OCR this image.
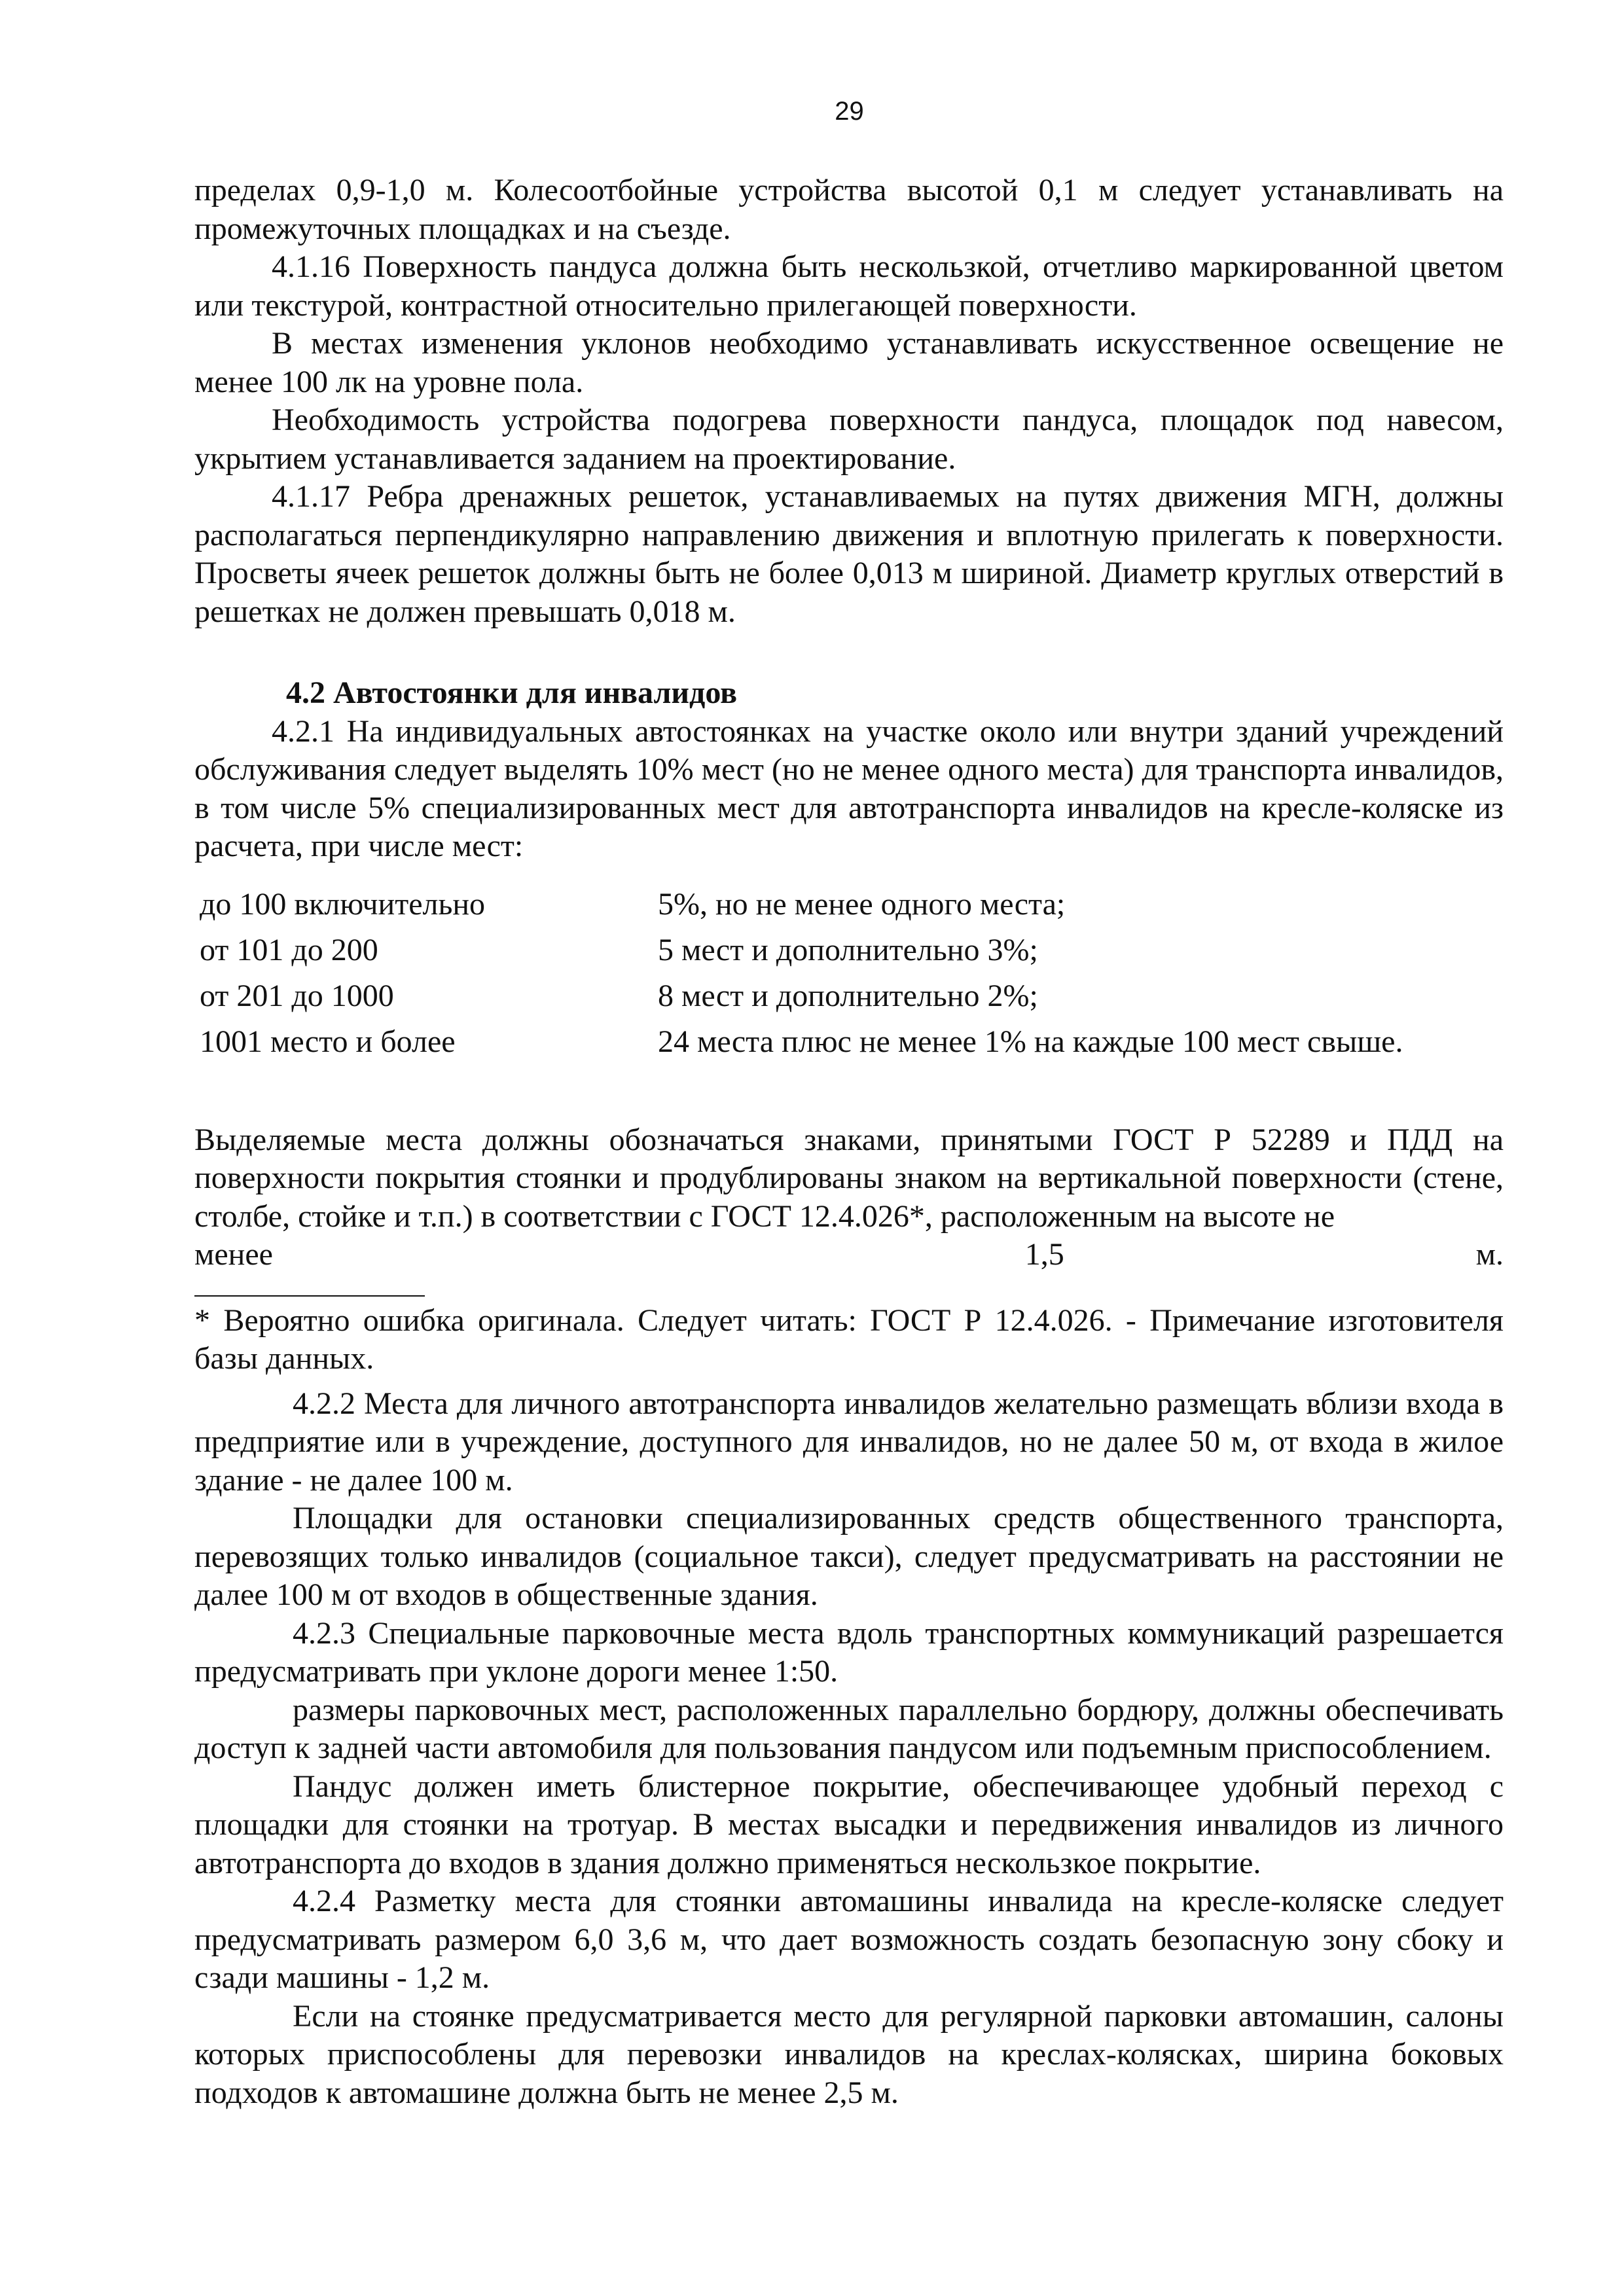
29

пределах 0,9-1,0 м. Колесоотбойные устройства высотой 0,1 м следует устанавливать на промежуточных площадках и на съезде.

4.1.16 Поверхность пандуса должна быть нескользкой, отчетливо маркированной цветом или текстурой, контрастной относительно прилегающей поверхности.

В местах изменения уклонов необходимо устанавливать искусственное освещение не менее 100 лк на уровне пола.

Необходимость устройства подогрева поверхности пандуса, площадок под навесом, укрытием устанавливается заданием на проектирование.

4.1.17 Ребра дренажных решеток, устанавливаемых на путях движения МГН, должны располагаться перпендикулярно направлению движения и вплотную прилегать к поверхности. Просветы ячеек решеток должны быть не более 0,013 м шириной. Диаметр круглых отверстий в решетках не должен превышать 0,018 м.

4.2 Автостоянки для инвалидов

4.2.1 На индивидуальных автостоянках на участке около или внутри зданий учреждений обслуживания следует выделять 10% мест (но не менее одного места) для транспорта инвалидов, в том числе 5% специализированных мест для автотранспорта инвалидов на кресле-коляске из расчета, при числе мест:

до 100 включительно	5%, но не менее одного места;
от 101 до 200	5 мест и дополнительно 3%;
от 201 до 1000	8 мест и дополнительно 2%;
1001 место и более	24 места плюс не менее 1% на каждые 100 мест свыше.

Выделяемые места должны обозначаться знаками, принятыми ГОСТ Р 52289 и ПДД на поверхности покрытия стоянки и продублированы знаком на вертикальной поверхности (стене, столбе, стойке и т.п.) в соответствии с ГОСТ 12.4.026*, расположенным на высоте не

менее	1,5	м.

* Вероятно ошибка оригинала. Следует читать: ГОСТ Р 12.4.026. - Примечание изготовителя базы данных.

4.2.2 Места для личного автотранспорта инвалидов желательно размещать вблизи входа в предприятие или в учреждение, доступного для инвалидов, но не далее 50 м, от входа в жилое здание - не далее 100 м.

Площадки для остановки специализированных средств общественного транспорта, перевозящих только инвалидов (социальное такси), следует предусматривать на расстоянии не далее 100 м от входов в общественные здания.

4.2.3 Специальные парковочные места вдоль транспортных коммуникаций разрешается предусматривать при уклоне дороги менее 1:50.

размеры парковочных мест, расположенных параллельно бордюру, должны обеспечивать доступ к задней части автомобиля для пользования пандусом или подъемным приспособлением.

Пандус должен иметь блистерное покрытие, обеспечивающее удобный переход с площадки для стоянки на тротуар. В местах высадки и передвижения инвалидов из личного автотранспорта до входов в здания должно применяться нескользкое покрытие.

4.2.4 Разметку места для стоянки автомашины инвалида на кресле-коляске следует предусматривать размером 6,0 3,6 м, что дает возможность создать безопасную зону сбоку и сзади машины - 1,2 м.

Если на стоянке предусматривается место для регулярной парковки автомашин, салоны которых приспособлены для перевозки инвалидов на креслах-колясках, ширина боковых подходов к автомашине должна быть не менее 2,5 м.
